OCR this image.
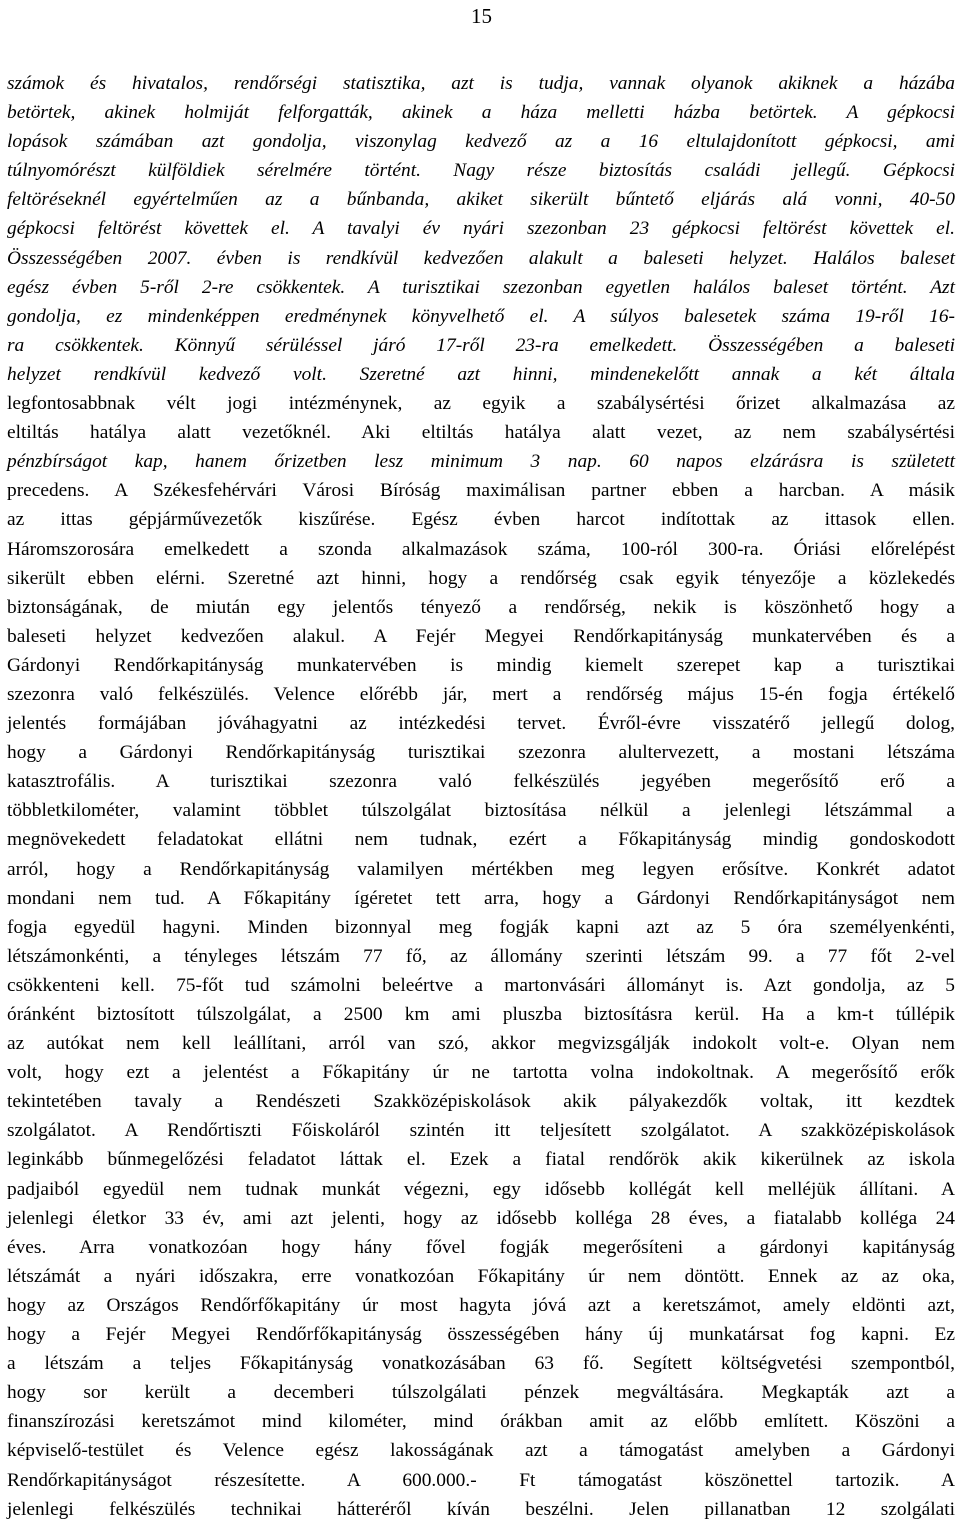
15
számok és hivatalos, rendőrségi statisztika, azt is tudja, vannak olyanok akiknek a házába
betörtek, akinek holmiját felforgatták, akinek a háza melletti házba betörtek. A gépkocsi
lopások számában azt gondolja, viszonylag kedvező az a 16 eltulajdonított gépkocsi, ami
túlnyomórészt külföldiek sérelmére történt. Nagy része biztosítás családi jellegű. Gépkocsi
feltöréseknél egyértelműen az a bűnbanda, akiket sikerült bűntető eljárás alá vonni, 40-50
gépkocsi feltörést követtek el. A tavalyi év nyári szezonban 23 gépkocsi feltörést követtek el.
Összességében 2007. évben is rendkívül kedvezően alakult a baleseti helyzet. Halálos baleset
egész évben 5-ről 2-re csökkentek. A turisztikai szezonban egyetlen halálos baleset történt. Azt
gondolja, ez mindenképpen eredménynek könyvelhető el. A súlyos balesetek száma 19-ről 16-
ra csökkentek. Könnyű sérüléssel járó 17-ről 23-ra emelkedett. Összességében a baleseti
helyzet rendkívül kedvező volt. Szeretné azt hinni, mindenekelőtt annak a két általa
legfontosabbnak vélt jogi intézménynek, az egyik a szabálysértési őrizet alkalmazása az
eltiltás hatálya alatt vezetőknél. Aki eltiltás hatálya alatt vezet, az nem szabálysértési
pénzbírságot kap, hanem őrizetben lesz minimum 3 nap. 60 napos elzárásra is született
precedens. A Székesfehérvári Városi Bíróság maximálisan partner ebben a harcban. A másik
az ittas gépjárművezetők kiszűrése. Egész évben harcot indítottak az ittasok ellen.
Háromszorosára emelkedett a szonda alkalmazások száma, 100-ról 300-ra. Óriási előrelépést
sikerült ebben elérni. Szeretné azt hinni, hogy a rendőrség csak egyik tényezője a közlekedés
biztonságának, de miután egy jelentős tényező a rendőrség, nekik is köszönhető hogy a
baleseti helyzet kedvezően alakul. A Fejér Megyei Rendőrkapitányság munkatervében és a
Gárdonyi Rendőrkapitányság munkatervében is mindig kiemelt szerepet kap a turisztikai
szezonra való felkészülés. Velence előrébb jár, mert a rendőrség május 15-én fogja értékelő
jelentés formájában jóváhagyatni az intézkedési tervet. Évről-évre visszatérő jellegű dolog,
hogy a Gárdonyi Rendőrkapitányság turisztikai szezonra alultervezett, a mostani létszáma
katasztrofális. A turisztikai szezonra való felkészülés jegyében megerősítő erő a
többletkilométer, valamint többlet túlszolgálat biztosítása nélkül a jelenlegi létszámmal a
megnövekedett feladatokat ellátni nem tudnak, ezért a Főkapitányság mindig gondoskodott
arról, hogy a Rendőrkapitányság valamilyen mértékben meg legyen erősítve. Konkrét adatot
mondani nem tud. A Főkapitány ígéretet tett arra, hogy a Gárdonyi Rendőrkapitányságot nem
fogja egyedül hagyni. Minden bizonnyal meg fogják kapni azt az 5 óra személyenkénti,
létszámonkénti, a tényleges létszám 77 fő, az állomány szerinti létszám 99. a 77 főt 2-vel
csökkenteni kell. 75-főt tud számolni beleértve a martonvásári állományt is. Azt gondolja, az 5
óránként biztosított túlszolgálat, a 2500 km ami pluszba biztosításra kerül. Ha a km-t túllépik
az autókat nem kell leállítani, arról van szó, akkor megvizsgálják indokolt volt-e. Olyan nem
volt, hogy ezt a jelentést a Főkapitány úr ne tartotta volna indokoltnak. A megerősítő erők
tekintetében tavaly a Rendészeti Szakközépiskolások akik pályakezdők voltak, itt kezdtek
szolgálatot. A Rendőrtiszti Főiskoláról szintén itt teljesített szolgálatot. A szakközépiskolások
leginkább bűnmegelőzési feladatot láttak el. Ezek a fiatal rendőrök akik kikerülnek az iskola
padjaiból egyedül nem tudnak munkát végezni, egy idősebb kollégát kell melléjük állítani. A
jelenlegi életkor 33 év, ami azt jelenti, hogy az idősebb kolléga 28 éves, a fiatalabb kolléga 24
éves. Arra vonatkozóan hogy hány fővel fogják megerősíteni a gárdonyi kapitányság
létszámát a nyári időszakra, erre vonatkozóan Főkapitány úr nem döntött. Ennek az az oka,
hogy az Országos Rendőrfőkapitány úr most hagyta jóvá azt a keretszámot, amely eldönti azt,
hogy a Fejér Megyei Rendőrfőkapitányság összességében hány új munkatársat fog kapni. Ez
a létszám a teljes Főkapitányság vonatkozásában 63 fő. Segített költségvetési szempontból,
hogy sor került a decemberi túlszolgálati pénzek megváltására. Megkapták azt a
finanszírozási keretszámot mind kilométer, mind órákban amit az előbb említett. Köszöni a
képviselő-testület és Velence egész lakosságának azt a támogatást amelyben a Gárdonyi
Rendőrkapitányságot részesítette. A 600.000.- Ft támogatást köszönettel tartozik. A
jelenlegi felkészülés technikai hátteréről kíván beszélni. Jelen pillanatban 12 szolgálati
